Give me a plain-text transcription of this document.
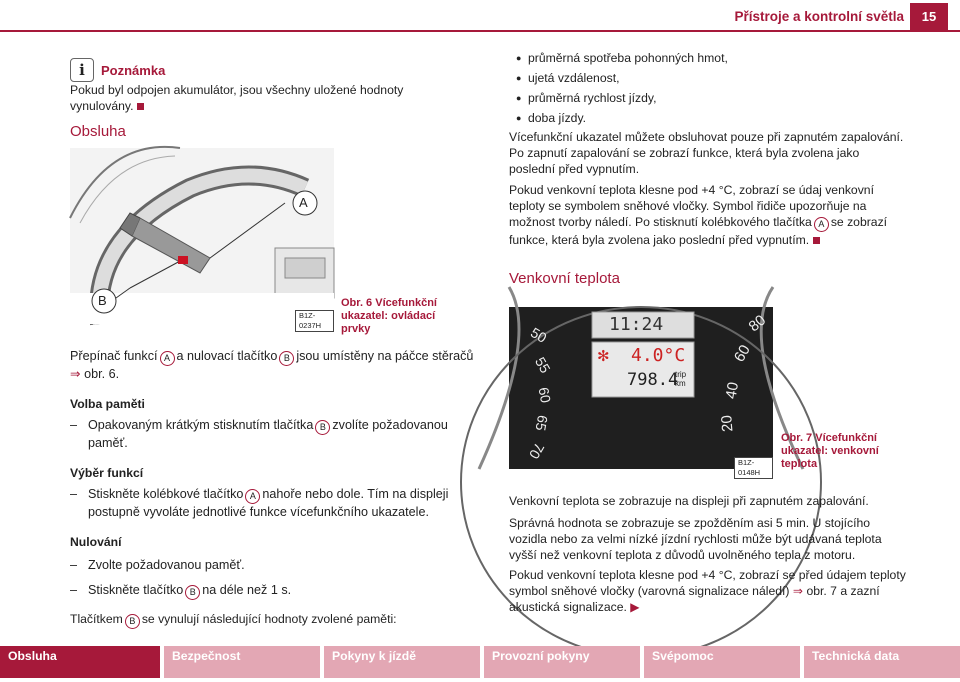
Přístroje a kontrolní světla	15
i	Poznámka
Pokud byl odpojen akumulátor, jsou všechny uložené hodnoty vynulovány.
Obsluha
A
B
B1Z-0237H
Obr. 6 Vícefunkční ukazatel: ovládací prvky
Přepínač funkcí A a nulovací tlačítko B jsou umístěny na páčce stěračů
⇒ obr. 6.
Volba paměti
– Opakovaným krátkým stisknutím tlačítka B zvolíte požadovanou paměť.
Výběr funkcí
– Stiskněte kolébkové tlačítko A nahoře nebo dole. Tím na displeji postupně vyvoláte jednotlivé funkce vícefunkčního ukazatele.
Nulování
– Zvolte požadovanou paměť.
– Stiskněte tlačítko B na déle než 1 s.
Tlačítkem B se vynulují následující hodnoty zvolené paměti:
● průměrná spotřeba pohonných hmot,
● ujetá vzdálenost,
● průměrná rychlost jízdy,
● doba jízdy.
Vícefunkční ukazatel můžete obsluhovat pouze při zapnutém zapalování. Po zapnutí zapalování se zobrazí funkce, která byla zvolena jako poslední před vypnutím.
Pokud venkovní teplota klesne pod +4 °C, zobrazí se údaj venkovní teploty se symbolem sněhové vločky. Symbol řidiče upozorňuje na možnost tvorby náledí. Po stisknutí kolébkového tlačítka A se zobrazí funkce, která byla zvolena jako poslední před vypnutím.
Venkovní teplota
11:24
✻ 4.0°C
798.4
trip
km
50
55
60
65
70
80
60
40
20
B1Z-0148H
Obr. 7 Vícefunkční ukazatel: venkovní teplota
Venkovní teplota se zobrazuje na displeji při zapnutém zapalování.
Správná hodnota se zobrazuje se zpožděním asi 5 min. U stojícího vozidla nebo za velmi nízké jízdní rychlosti může být udávaná teplota vyšší než venkovní teplota z důvodů uvolněného tepla z motoru.
Pokud venkovní teplota klesne pod +4 °C, zobrazí se před údajem teploty symbol sněhové vločky (varovná signalizace náledí) ⇒ obr. 7 a zazní akustická signalizace. ▶
Obsluha	Bezpečnost	Pokyny k jízdě	Provozní pokyny	Svépomoc	Technická data
